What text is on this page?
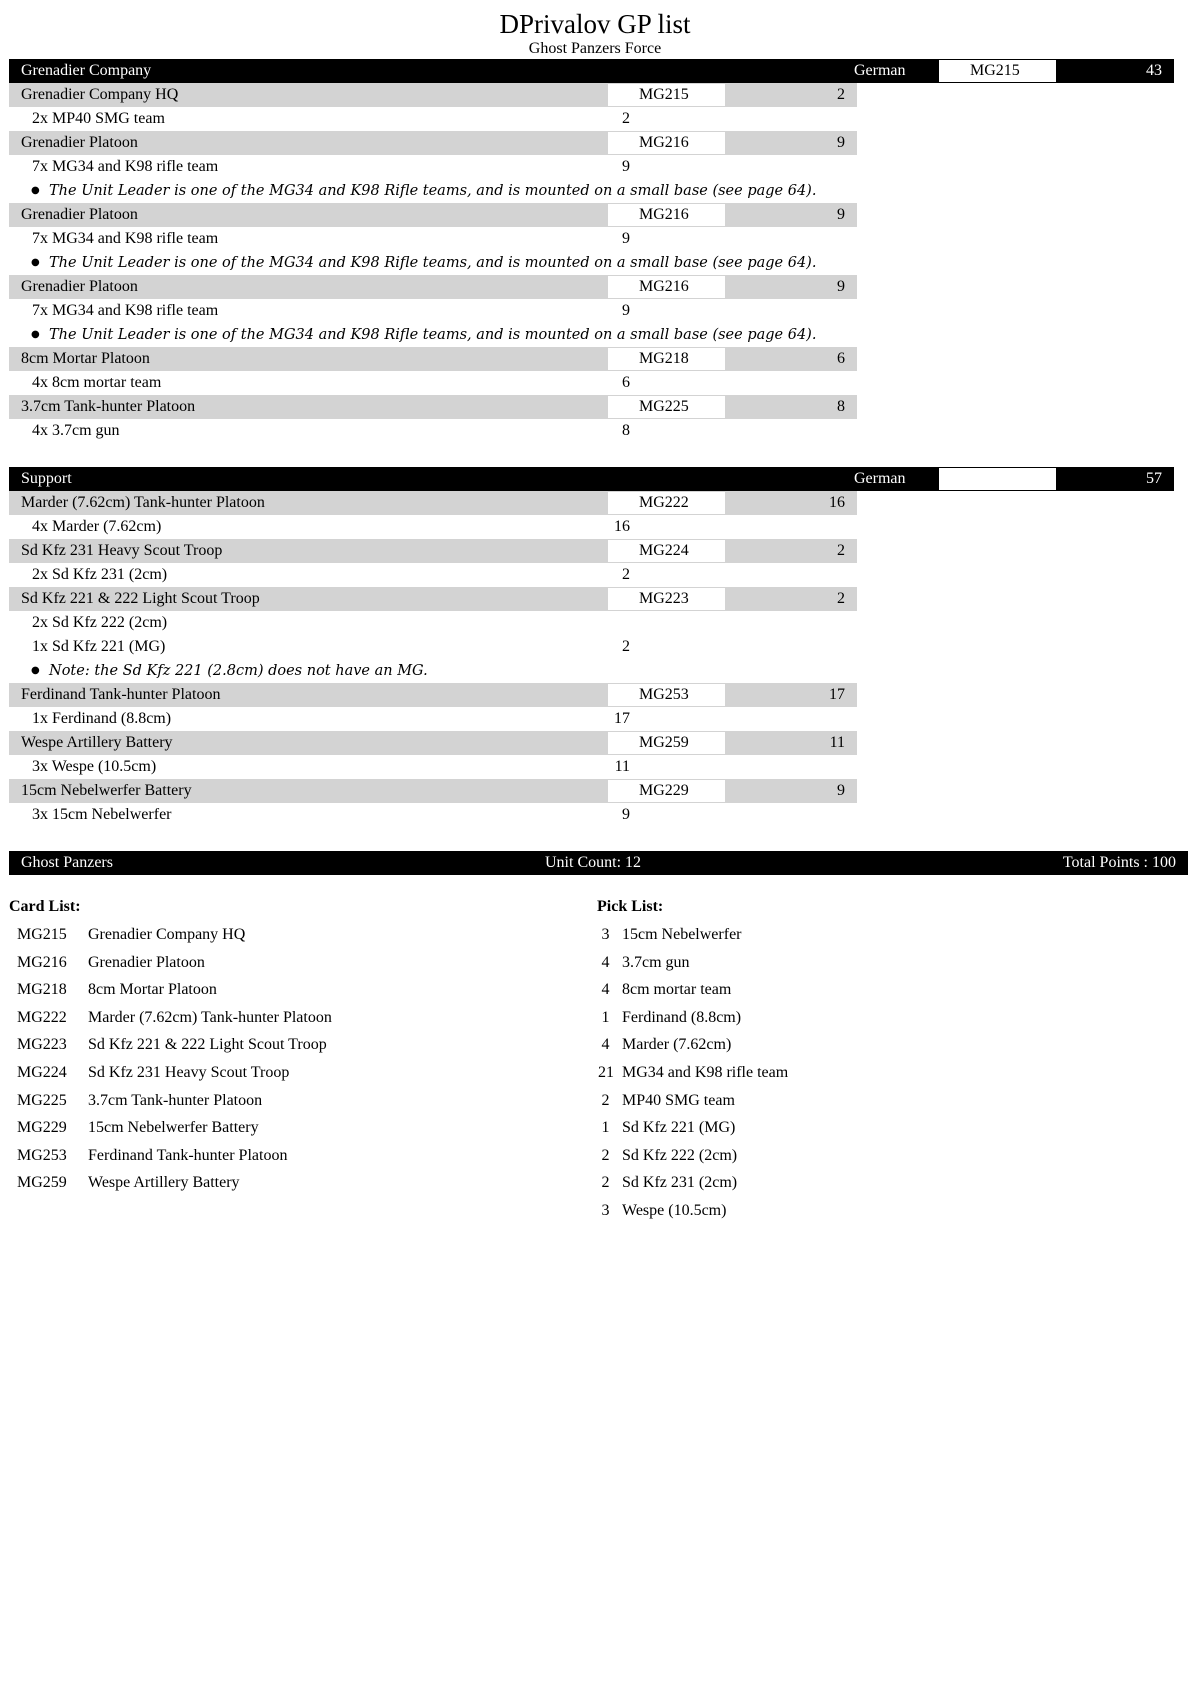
DPrivalov GP list
Ghost Panzers Force
Grenadier Company	German	MG215	43
Grenadier Company HQ	MG215	2
2x MP40 SMG team	2
Grenadier Platoon	MG216	9
7x MG34 and K98 rifle team	9
● The Unit Leader is one of the MG34 and K98 Rifle teams, and is mounted on a small base (see page 64).
Grenadier Platoon	MG216	9
7x MG34 and K98 rifle team	9
● The Unit Leader is one of the MG34 and K98 Rifle teams, and is mounted on a small base (see page 64).
Grenadier Platoon	MG216	9
7x MG34 and K98 rifle team	9
● The Unit Leader is one of the MG34 and K98 Rifle teams, and is mounted on a small base (see page 64).
8cm Mortar Platoon	MG218	6
4x 8cm mortar team	6
3.7cm Tank-hunter Platoon	MG225	8
4x 3.7cm gun	8
Support	German	57
Marder (7.62cm) Tank-hunter Platoon	MG222	16
4x Marder (7.62cm)	16
Sd Kfz 231 Heavy Scout Troop	MG224	2
2x Sd Kfz 231 (2cm)	2
Sd Kfz 221 & 222 Light Scout Troop	MG223	2
2x Sd Kfz 222 (2cm)
1x Sd Kfz 221 (MG)	2
● Note: the Sd Kfz 221 (2.8cm) does not have an MG.
Ferdinand Tank-hunter Platoon	MG253	17
1x Ferdinand (8.8cm)	17
Wespe Artillery Battery	MG259	11
3x Wespe (10.5cm)	11
15cm Nebelwerfer Battery	MG229	9
3x 15cm Nebelwerfer	9
Ghost Panzers	Unit Count: 12	Total Points : 100
Card List:
MG215 Grenadier Company HQ
MG216 Grenadier Platoon
MG218 8cm Mortar Platoon
MG222 Marder (7.62cm) Tank-hunter Platoon
MG223 Sd Kfz 221 & 222 Light Scout Troop
MG224 Sd Kfz 231 Heavy Scout Troop
MG225 3.7cm Tank-hunter Platoon
MG229 15cm Nebelwerfer Battery
MG253 Ferdinand Tank-hunter Platoon
MG259 Wespe Artillery Battery
Pick List:
3 15cm Nebelwerfer
4 3.7cm gun
4 8cm mortar team
1 Ferdinand (8.8cm)
4 Marder (7.62cm)
21 MG34 and K98 rifle team
2 MP40 SMG team
1 Sd Kfz 221 (MG)
2 Sd Kfz 222 (2cm)
2 Sd Kfz 231 (2cm)
3 Wespe (10.5cm)
